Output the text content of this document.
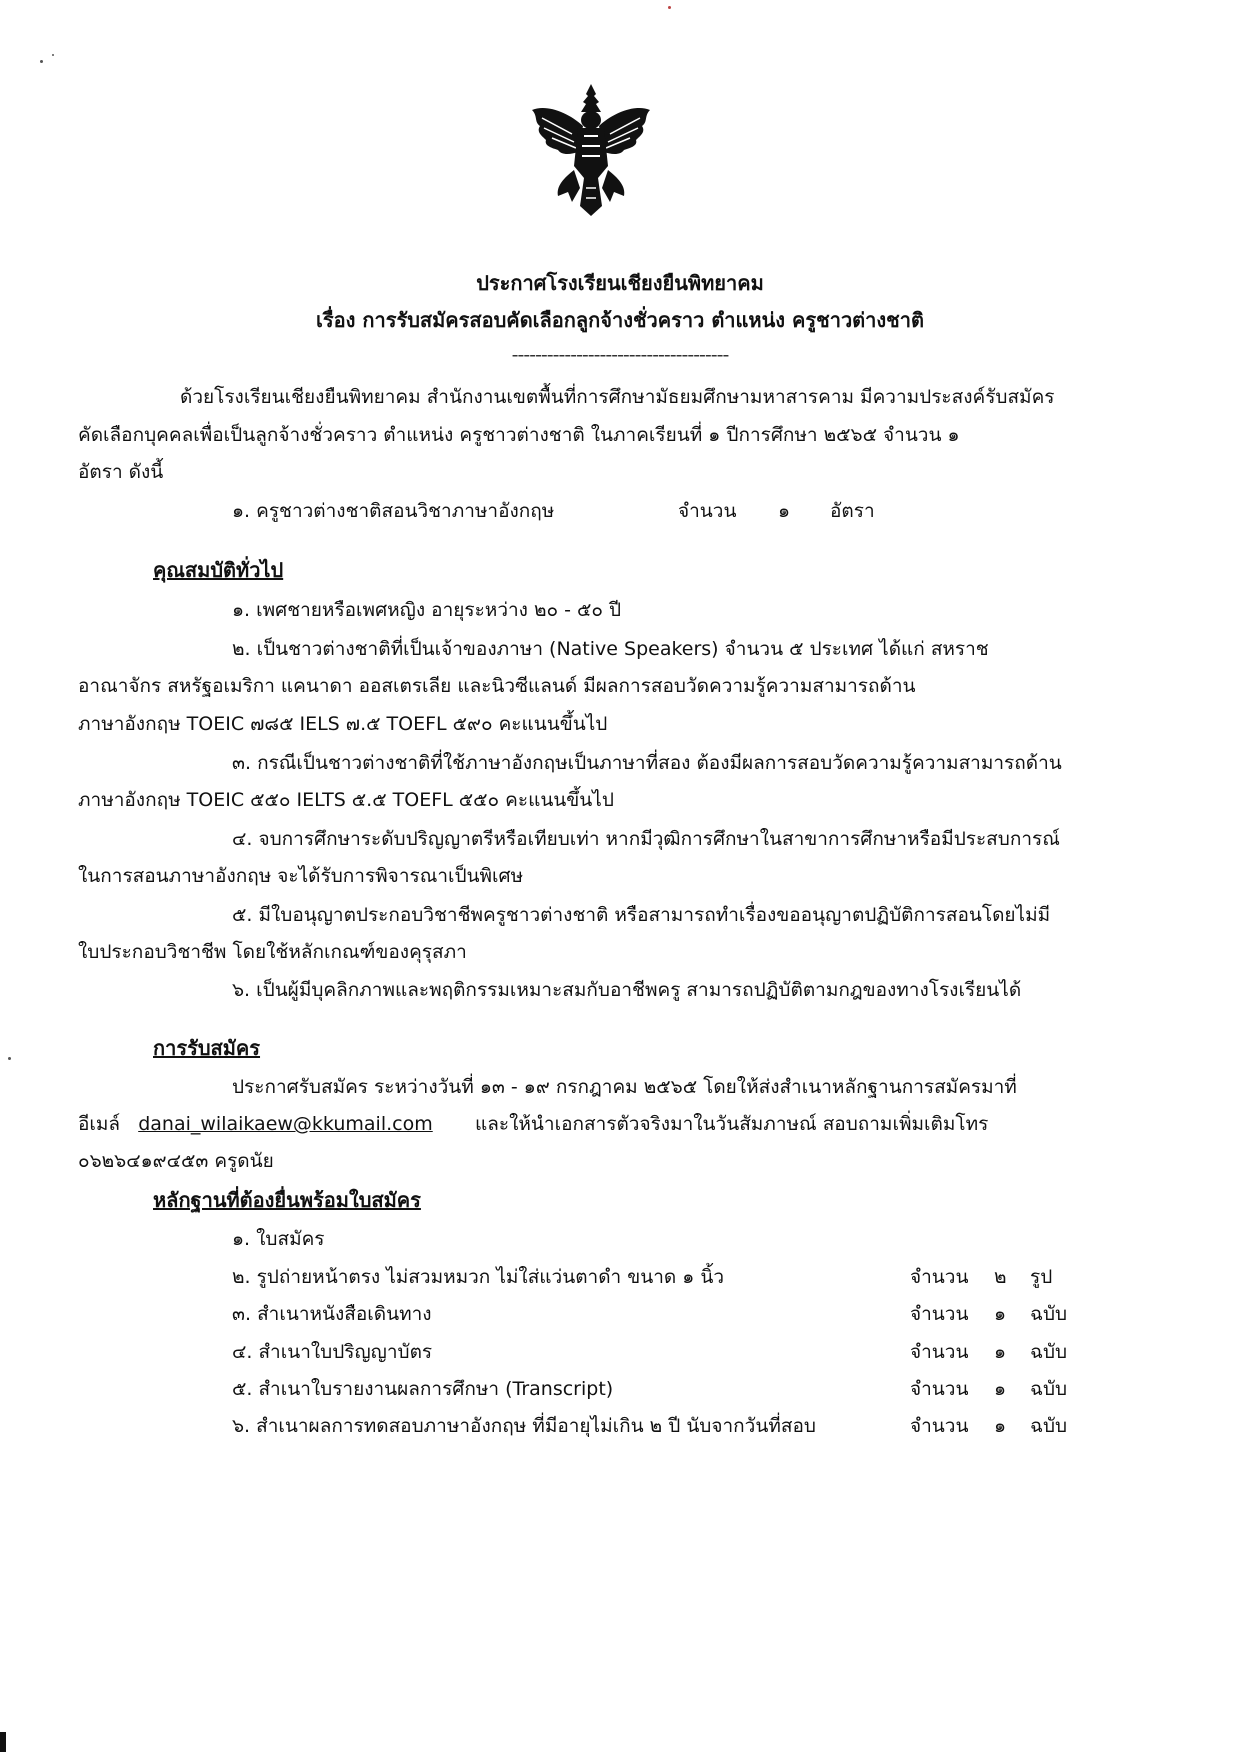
ประกาศโรงเรียนเชียงยืนพิทยาคม
เรื่อง การรับสมัครสอบคัดเลือกลูกจ้างชั่วคราว ตำแหน่ง ครูชาวต่างชาติ
-------------------------------------
ด้วยโรงเรียนเชียงยืนพิทยาคม สำนักงานเขตพื้นที่การศึกษามัธยมศึกษามหาสารคาม มีความประสงค์รับสมัคร
คัดเลือกบุคคลเพื่อเป็นลูกจ้างชั่วคราว ตำแหน่ง ครูชาวต่างชาติ ในภาคเรียนที่ ๑ ปีการศึกษา ๒๕๖๕ จำนวน ๑
อัตรา ดังนี้
๑. ครูชาวต่างชาติสอนวิชาภาษาอังกฤษ	จำนวน ๑ อัตรา
คุณสมบัติทั่วไป
๑. เพศชายหรือเพศหญิง อายุระหว่าง ๒๐ - ๕๐ ปี
๒. เป็นชาวต่างชาติที่เป็นเจ้าของภาษา (Native Speakers) จำนวน ๕ ประเทศ ได้แก่ สหราช
อาณาจักร สหรัฐอเมริกา แคนาดา ออสเตรเลีย และนิวซีแลนด์ มีผลการสอบวัดความรู้ความสามารถด้าน
ภาษาอังกฤษ TOEIC ๗๘๕ IELS ๗.๕ TOEFL ๕๙๐ คะแนนขึ้นไป
๓. กรณีเป็นชาวต่างชาติที่ใช้ภาษาอังกฤษเป็นภาษาที่สอง ต้องมีผลการสอบวัดความรู้ความสามารถด้าน
ภาษาอังกฤษ TOEIC ๕๕๐ IELTS ๕.๕ TOEFL ๕๕๐ คะแนนขึ้นไป
๔. จบการศึกษาระดับปริญญาตรีหรือเทียบเท่า หากมีวุฒิการศึกษาในสาขาการศึกษาหรือมีประสบการณ์
ในการสอนภาษาอังกฤษ จะได้รับการพิจารณาเป็นพิเศษ
๕. มีใบอนุญาตประกอบวิชาชีพครูชาวต่างชาติ หรือสามารถทำเรื่องขออนุญาตปฏิบัติการสอนโดยไม่มี
ใบประกอบวิชาชีพ โดยใช้หลักเกณฑ์ของคุรุสภา
๖. เป็นผู้มีบุคลิกภาพและพฤติกรรมเหมาะสมกับอาชีพครู สามารถปฏิบัติตามกฎของทางโรงเรียนได้
การรับสมัคร
ประกาศรับสมัคร ระหว่างวันที่ ๑๓ - ๑๙ กรกฎาคม ๒๕๖๕ โดยให้ส่งสำเนาหลักฐานการสมัครมาที่
อีเมล์ danai_wilaikaew@kkumail.com และให้นำเอกสารตัวจริงมาในวันสัมภาษณ์ สอบถามเพิ่มเติมโทร
๐๖๒๖๔๑๙๔๕๓ ครูดนัย
หลักฐานที่ต้องยื่นพร้อมใบสมัคร
๑. ใบสมัคร
๒. รูปถ่ายหน้าตรง ไม่สวมหมวก ไม่ใส่แว่นตาดำ ขนาด ๑ นิ้ว	จำนวน ๒ รูป
๓. สำเนาหนังสือเดินทาง	จำนวน ๑ ฉบับ
๔. สำเนาใบปริญญาบัตร	จำนวน ๑ ฉบับ
๕. สำเนาใบรายงานผลการศึกษา (Transcript)	จำนวน ๑ ฉบับ
๖. สำเนาผลการทดสอบภาษาอังกฤษ ที่มีอายุไม่เกิน ๒ ปี นับจากวันที่สอบ	จำนวน ๑ ฉบับ
